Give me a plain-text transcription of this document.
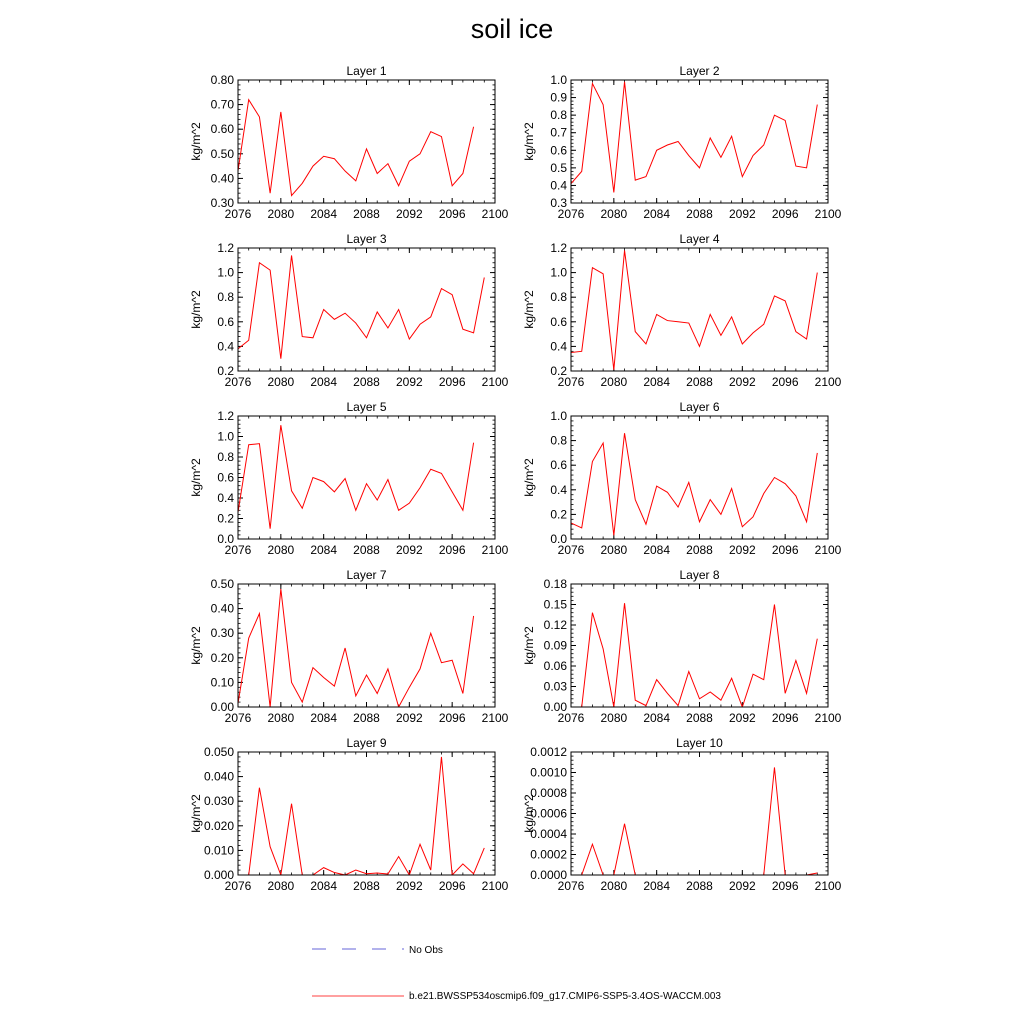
soil ice
Layer 1
kg/m^2
2076 2080 2084 2088 2092 2096 2100
0.30
0.40
0.50
0.60
0.70
0.80
Layer 2
kg/m^2
2076 2080 2084 2088 2092 2096 2100
0.3
0.4
0.5
0.6
0.7
0.8
0.9
1.0
Layer 3
kg/m^2
2076 2080 2084 2088 2092 2096 2100
0.2
0.4
0.6
0.8
1.0
1.2
Layer 4
kg/m^2
2076 2080 2084 2088 2092 2096 2100
0.2
0.4
0.6
0.8
1.0
1.2
Layer 5
kg/m^2
2076 2080 2084 2088 2092 2096 2100
0.0
0.2
0.4
0.6
0.8
1.0
1.2
Layer 6
kg/m^2
2076 2080 2084 2088 2092 2096 2100
0.0
0.2
0.4
0.6
0.8
1.0
Layer 7
kg/m^2
2076 2080 2084 2088 2092 2096 2100
0.00
0.10
0.20
0.30
0.40
0.50
Layer 8
kg/m^2
2076 2080 2084 2088 2092 2096 2100
0.00
0.03
0.06
0.09
0.12
0.15
0.18
Layer 9
kg/m^2
2076 2080 2084 2088 2092 2096 2100
0.000
0.010
0.020
0.030
0.040
0.050
Layer 10
kg/m^2
2076 2080 2084 2088 2092 2096 2100
0.0000
0.0002
0.0004
0.0006
0.0008
0.0010
0.0012
No Obs
b.e21.BWSSP534oscmip6.f09_g17.CMIP6-SSP5-3.4OS-WACCM.003
